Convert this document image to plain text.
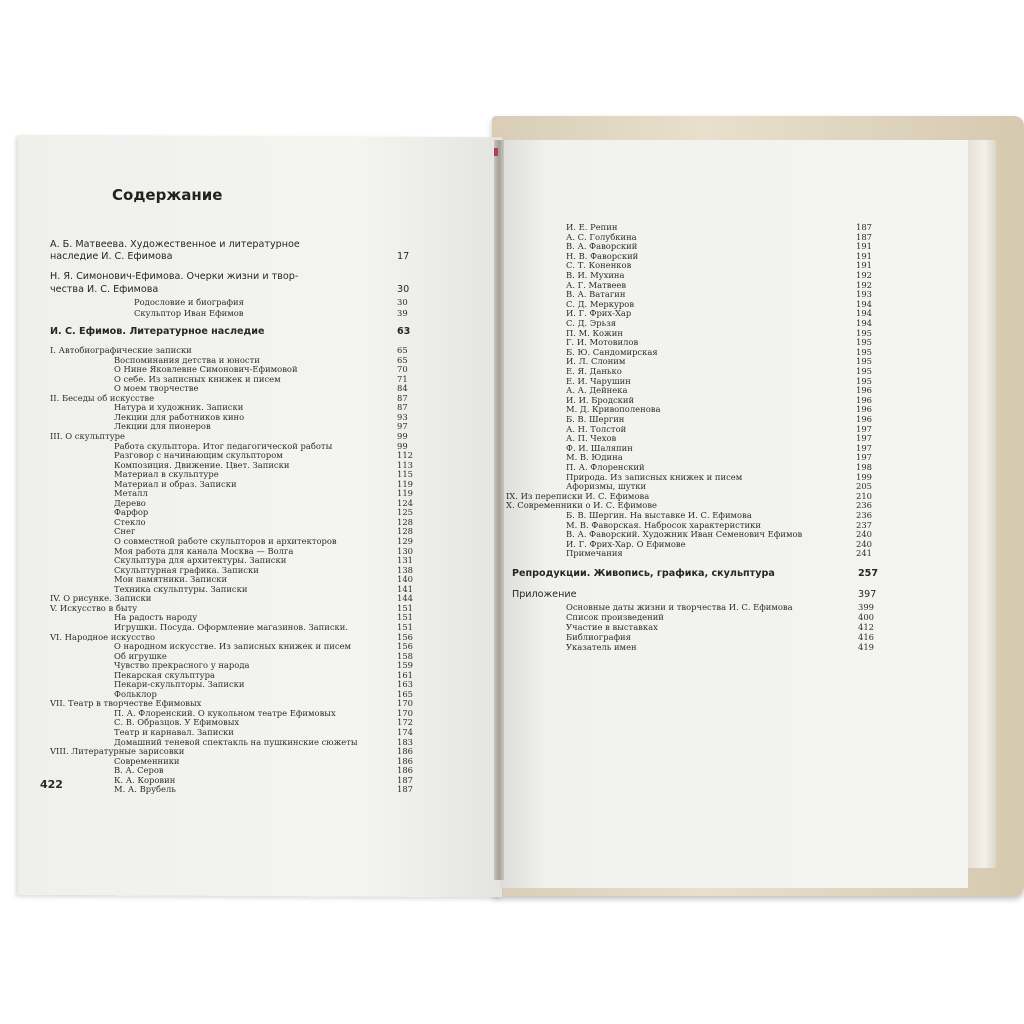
Содержание
А. Б. Матвеева. Художественное и литературное
наследие И. С. Ефимова	17
Н. Я. Симонович-Ефимова. Очерки жизни и твор-
чества И. С. Ефимова	30
Родословие и биография	30
Скульптор Иван Ефимов	39
И. С. Ефимов. Литературное наследие	63
I. Автобиографические записки	65
Воспоминания детства и юности	65
О Нине Яковлевне Симонович-Ефимовой	70
О себе. Из записных книжек и писем	71
О моем творчестве	84
II. Беседы об искусстве	87
Натура и художник. Записки	87
Лекции для работников кино	93
Лекции для пионеров	97
III. О скульптуре	99
Работа скульптора. Итог педагогической работы	99
Разговор с начинающим скульптором	112
Композиция. Движение. Цвет. Записки	113
Материал в скульптуре	115
Материал и образ. Записки	119
Металл	119
Дерево	124
Фарфор	125
Стекло	128
Снег	128
О совместной работе скульпторов и архитекторов	129
Моя работа для канала Москва — Волга	130
Скульптура для архитектуры. Записки	131
Скульптурная графика. Записки	138
Мои памятники. Записки	140
Техника скульптуры. Записки	141
IV. О рисунке. Записки	144
V. Искусство в быту	151
На радость народу	151
Игрушки. Посуда. Оформление магазинов. Записки.	151
VI. Народное искусство	156
О народном искусстве. Из записных книжек и писем	156
Об игрушке	158
Чувство прекрасного у народа	159
Пекарская скульптура	161
Пекари-скульпторы. Записки	163
Фольклор	165
VII. Театр в творчестве Ефимовых	170
П. А. Флоренский. О кукольном театре Ефимовых	170
С. В. Образцов. У Ефимовых	172
Театр и карнавал. Записки	174
Домашний теневой спектакль на пушкинские сюжеты	183
VIII. Литературные зарисовки	186
Современники	186
В. А. Серов	186
К. А. Коровин	187
М. А. Врубель	187
И. Е. Репин	187
А. С. Голубкина	187
В. А. Фаворский	191
Н. В. Фаворский	191
С. Т. Коненков	191
В. И. Мухина	192
А. Г. Матвеев	192
В. А. Ватагин	193
С. Д. Меркуров	194
И. Г. Фрих-Хар	194
С. Д. Эрьзя	194
П. М. Кожин	195
Г. И. Мотовилов	195
Б. Ю. Сандомирская	195
И. Л. Слоним	195
Е. Я. Данько	195
Е. И. Чарушин	195
А. А. Дейнека	196
И. И. Бродский	196
М. Д. Кривополенова	196
Б. В. Шергин	196
А. Н. Толстой	197
А. П. Чехов	197
Ф. И. Шаляпин	197
М. В. Юдина	197
П. А. Флоренский	198
Природа. Из записных книжек и писем	199
Афоризмы, шутки	205
IX. Из переписки И. С. Ефимова	210
X. Современники о И. С. Ефимове	236
Б. В. Шергин. На выставке И. С. Ефимова	236
М. В. Фаворская. Набросок характеристики	237
В. А. Фаворский. Художник Иван Семенович Ефимов	240
И. Г. Фрих-Хар. О Ефимове	240
Примечания	241
Репродукции. Живопись, графика, скульптура	257
Приложение	397
Основные даты жизни и творчества И. С. Ефимова	399
Список произведений	400
Участие в выставках	412
Библиография	416
Указатель имен	419
422
